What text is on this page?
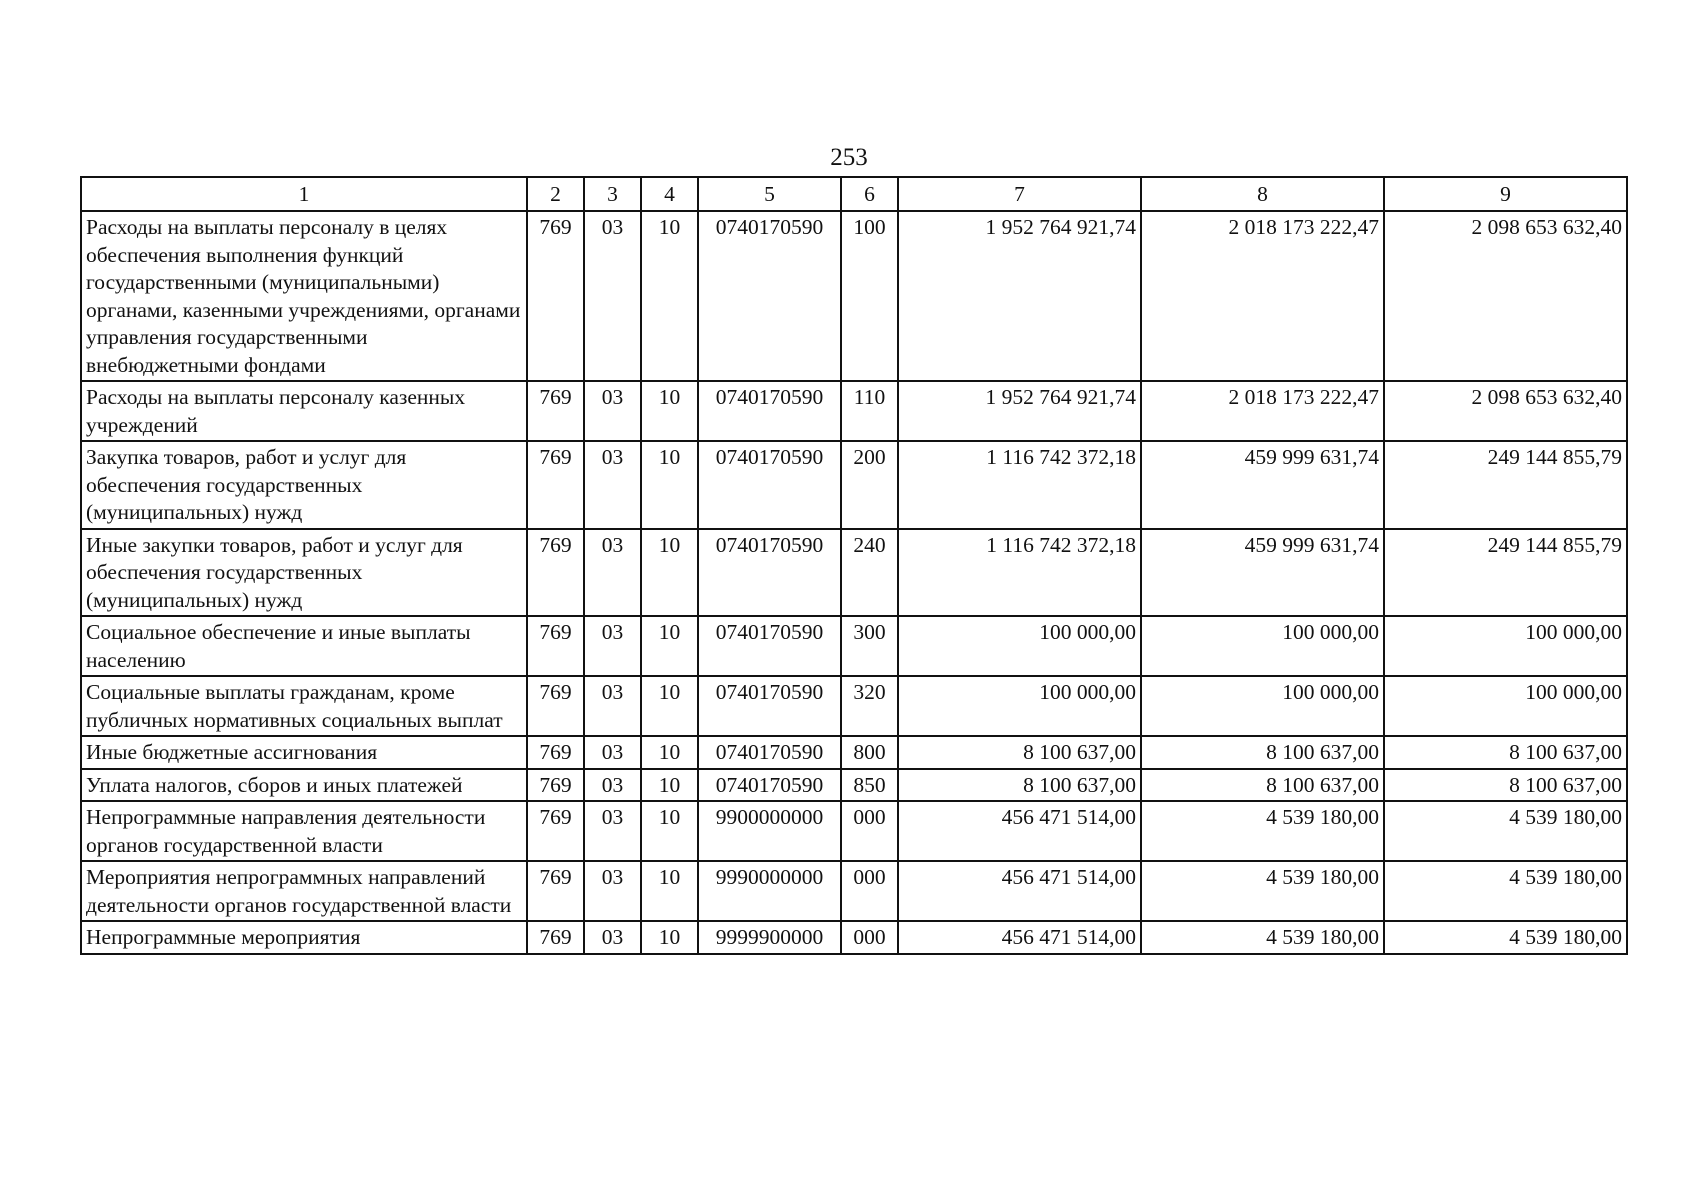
253
1	2	3	4	5	6	7	8	9
Расходы на выплаты персоналу в целях обеспечения выполнения функций государственными (муниципальными) органами, казенными учреждениями, органами управления государственными внебюджетными фондами	769	03	10	0740170590	100	1 952 764 921,74	2 018 173 222,47	2 098 653 632,40
Расходы на выплаты персоналу казенных учреждений	769	03	10	0740170590	110	1 952 764 921,74	2 018 173 222,47	2 098 653 632,40
Закупка товаров, работ и услуг для обеспечения государственных (муниципальных) нужд	769	03	10	0740170590	200	1 116 742 372,18	459 999 631,74	249 144 855,79
Иные закупки товаров, работ и услуг для обеспечения государственных (муниципальных) нужд	769	03	10	0740170590	240	1 116 742 372,18	459 999 631,74	249 144 855,79
Социальное обеспечение и иные выплаты населению	769	03	10	0740170590	300	100 000,00	100 000,00	100 000,00
Социальные выплаты гражданам, кроме публичных нормативных социальных выплат	769	03	10	0740170590	320	100 000,00	100 000,00	100 000,00
Иные бюджетные ассигнования	769	03	10	0740170590	800	8 100 637,00	8 100 637,00	8 100 637,00
Уплата налогов, сборов и иных платежей	769	03	10	0740170590	850	8 100 637,00	8 100 637,00	8 100 637,00
Непрограммные направления деятельности органов государственной власти	769	03	10	9900000000	000	456 471 514,00	4 539 180,00	4 539 180,00
Мероприятия непрограммных направлений деятельности органов государственной власти	769	03	10	9990000000	000	456 471 514,00	4 539 180,00	4 539 180,00
Непрограммные мероприятия	769	03	10	9999900000	000	456 471 514,00	4 539 180,00	4 539 180,00
